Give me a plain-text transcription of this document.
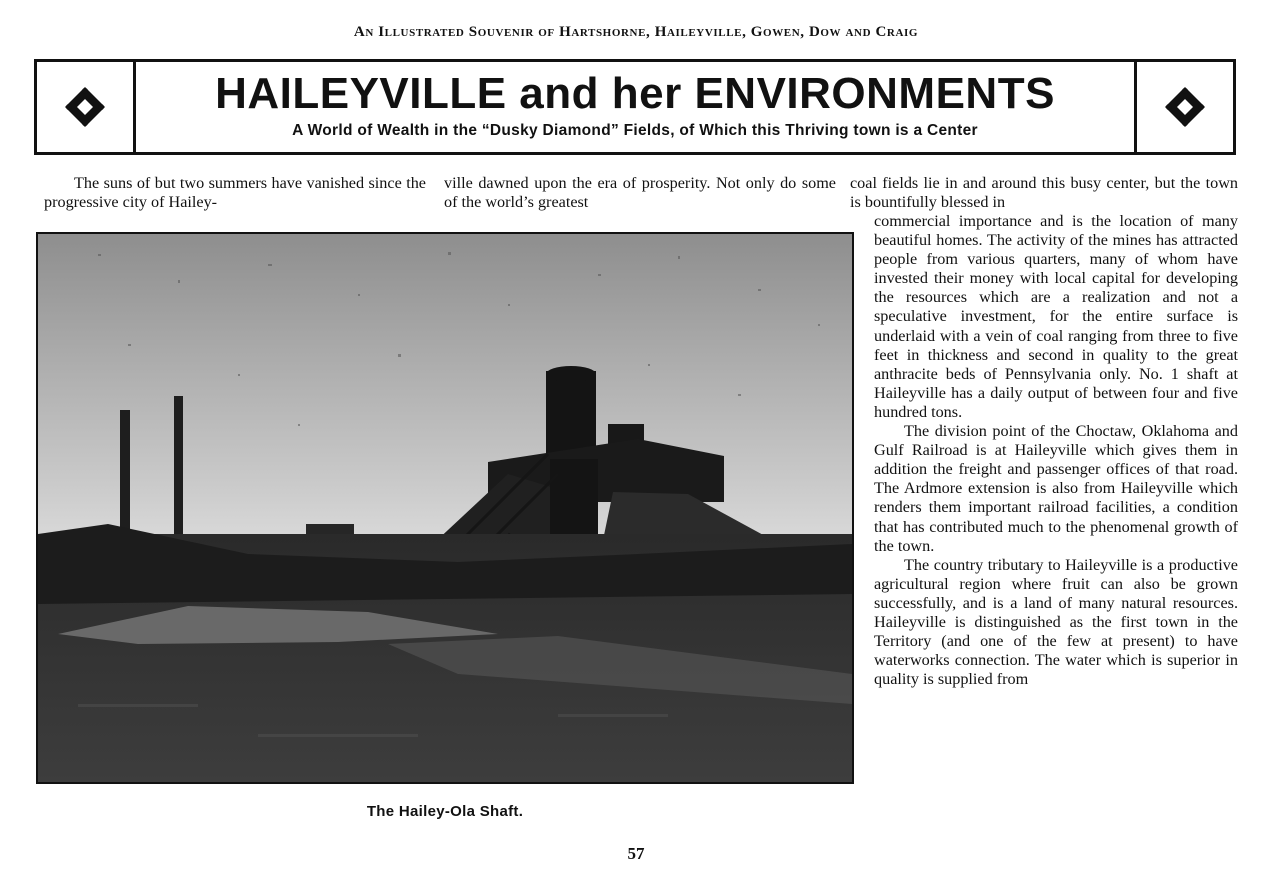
An Illustrated Souvenir of Hartshorne, Haileyville, Gowen, Dow and Craig
HAILEYVILLE and her ENVIRONMENTS
A World of Wealth in the “Dusky Diamond” Fields, of Which this Thriving town is a Center

The suns of but two summers have vanished since the progressive city of Hailey-

ville dawned upon the era of prosperity. Not only do some of the world’s greatest

coal fields lie in and around this busy center, but the town is bountifully blessed in

commercial importance and is the location of many beautiful homes. The activity of the mines has attracted people from various quarters, many of whom have invested their money with local capital for developing the resources which are a realization and not a speculative investment, for the entire surface is underlaid with a vein of coal ranging from three to five feet in thickness and second in quality to the great anthracite beds of Pennsylvania only. No. 1 shaft at Haileyville has a daily output of between four and five hundred tons.

The division point of the Choctaw, Oklahoma and Gulf Railroad is at Haileyville which gives them in addition the freight and passenger offices of that road. The Ardmore extension is also from Haileyville which renders them important railroad facilities, a condition that has contributed much to the phenomenal growth of the town.

The country tributary to Haileyville is a productive agricultural region where fruit can also be grown successfully, and is a land of many natural resources. Haileyville is distinguished as the first town in the Territory (and one of the few at present) to have waterworks connection. The water which is superior in quality is supplied from

The Hailey-Ola Shaft.
57
